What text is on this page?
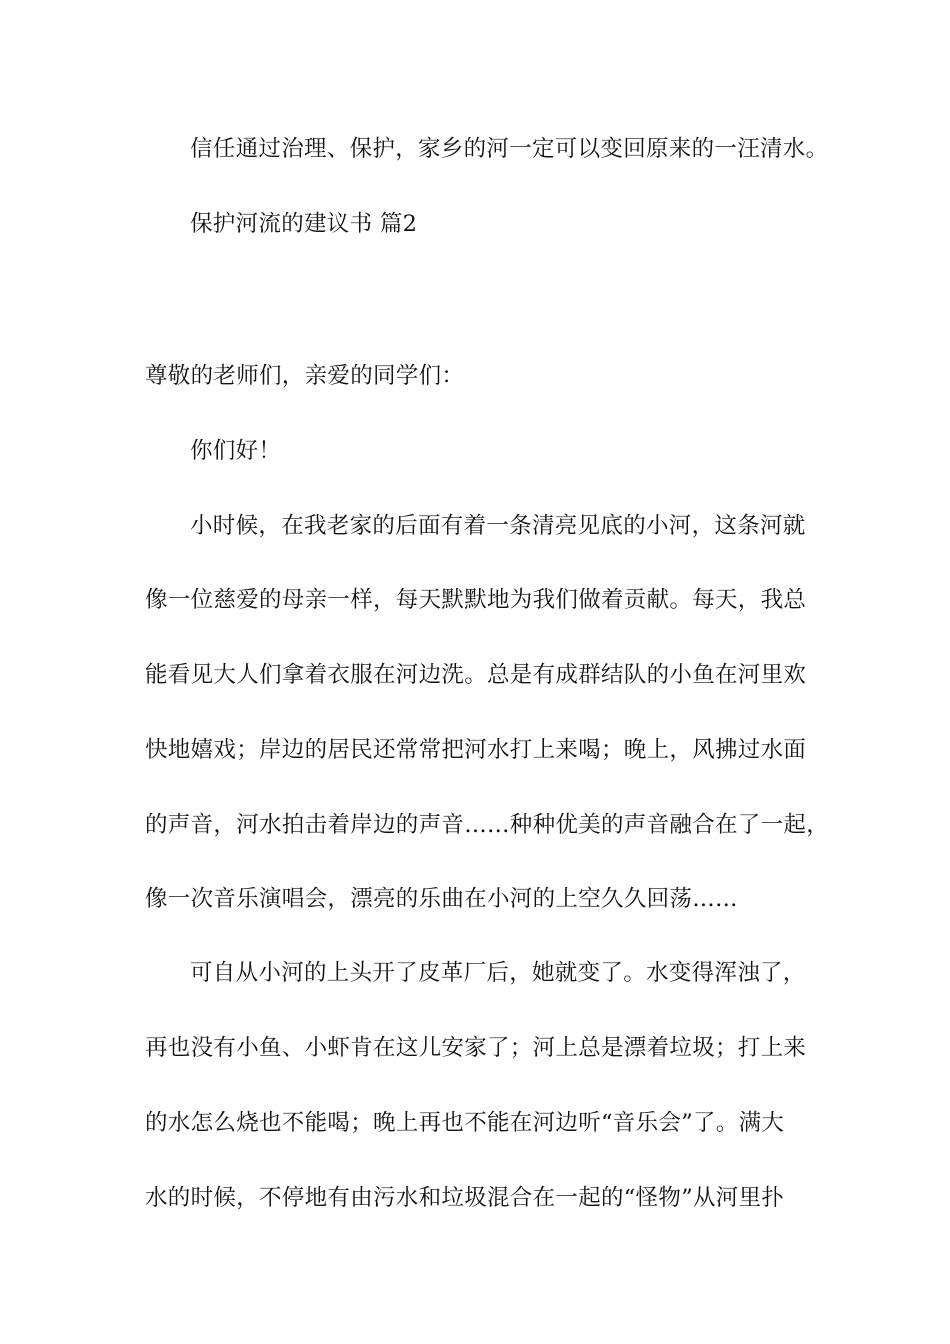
信任通过治理、保护，家乡的河一定可以变回原来的一汪清水。
保护河流的建议书 篇2
尊敬的老师们，亲爱的同学们：
你们好！
小时候，在我老家的后面有着一条清亮见底的小河，这条河就
像一位慈爱的母亲一样，每天默默地为我们做着贡献。每天，我总
能看见大人们拿着衣服在河边洗。总是有成群结队的小鱼在河里欢
快地嬉戏；岸边的居民还常常把河水打上来喝；晚上，风拂过水面
的声音，河水拍击着岸边的声音……种种优美的声音融合在了一起，
像一次音乐演唱会，漂亮的乐曲在小河的上空久久回荡……
可自从小河的上头开了皮革厂后，她就变了。水变得浑浊了，
再也没有小鱼、小虾肯在这儿安家了；河上总是漂着垃圾；打上来
的水怎么烧也不能喝；晚上再也不能在河边听“音乐会”了。满大
水的时候，不停地有由污水和垃圾混合在一起的“怪物”从河里扑
